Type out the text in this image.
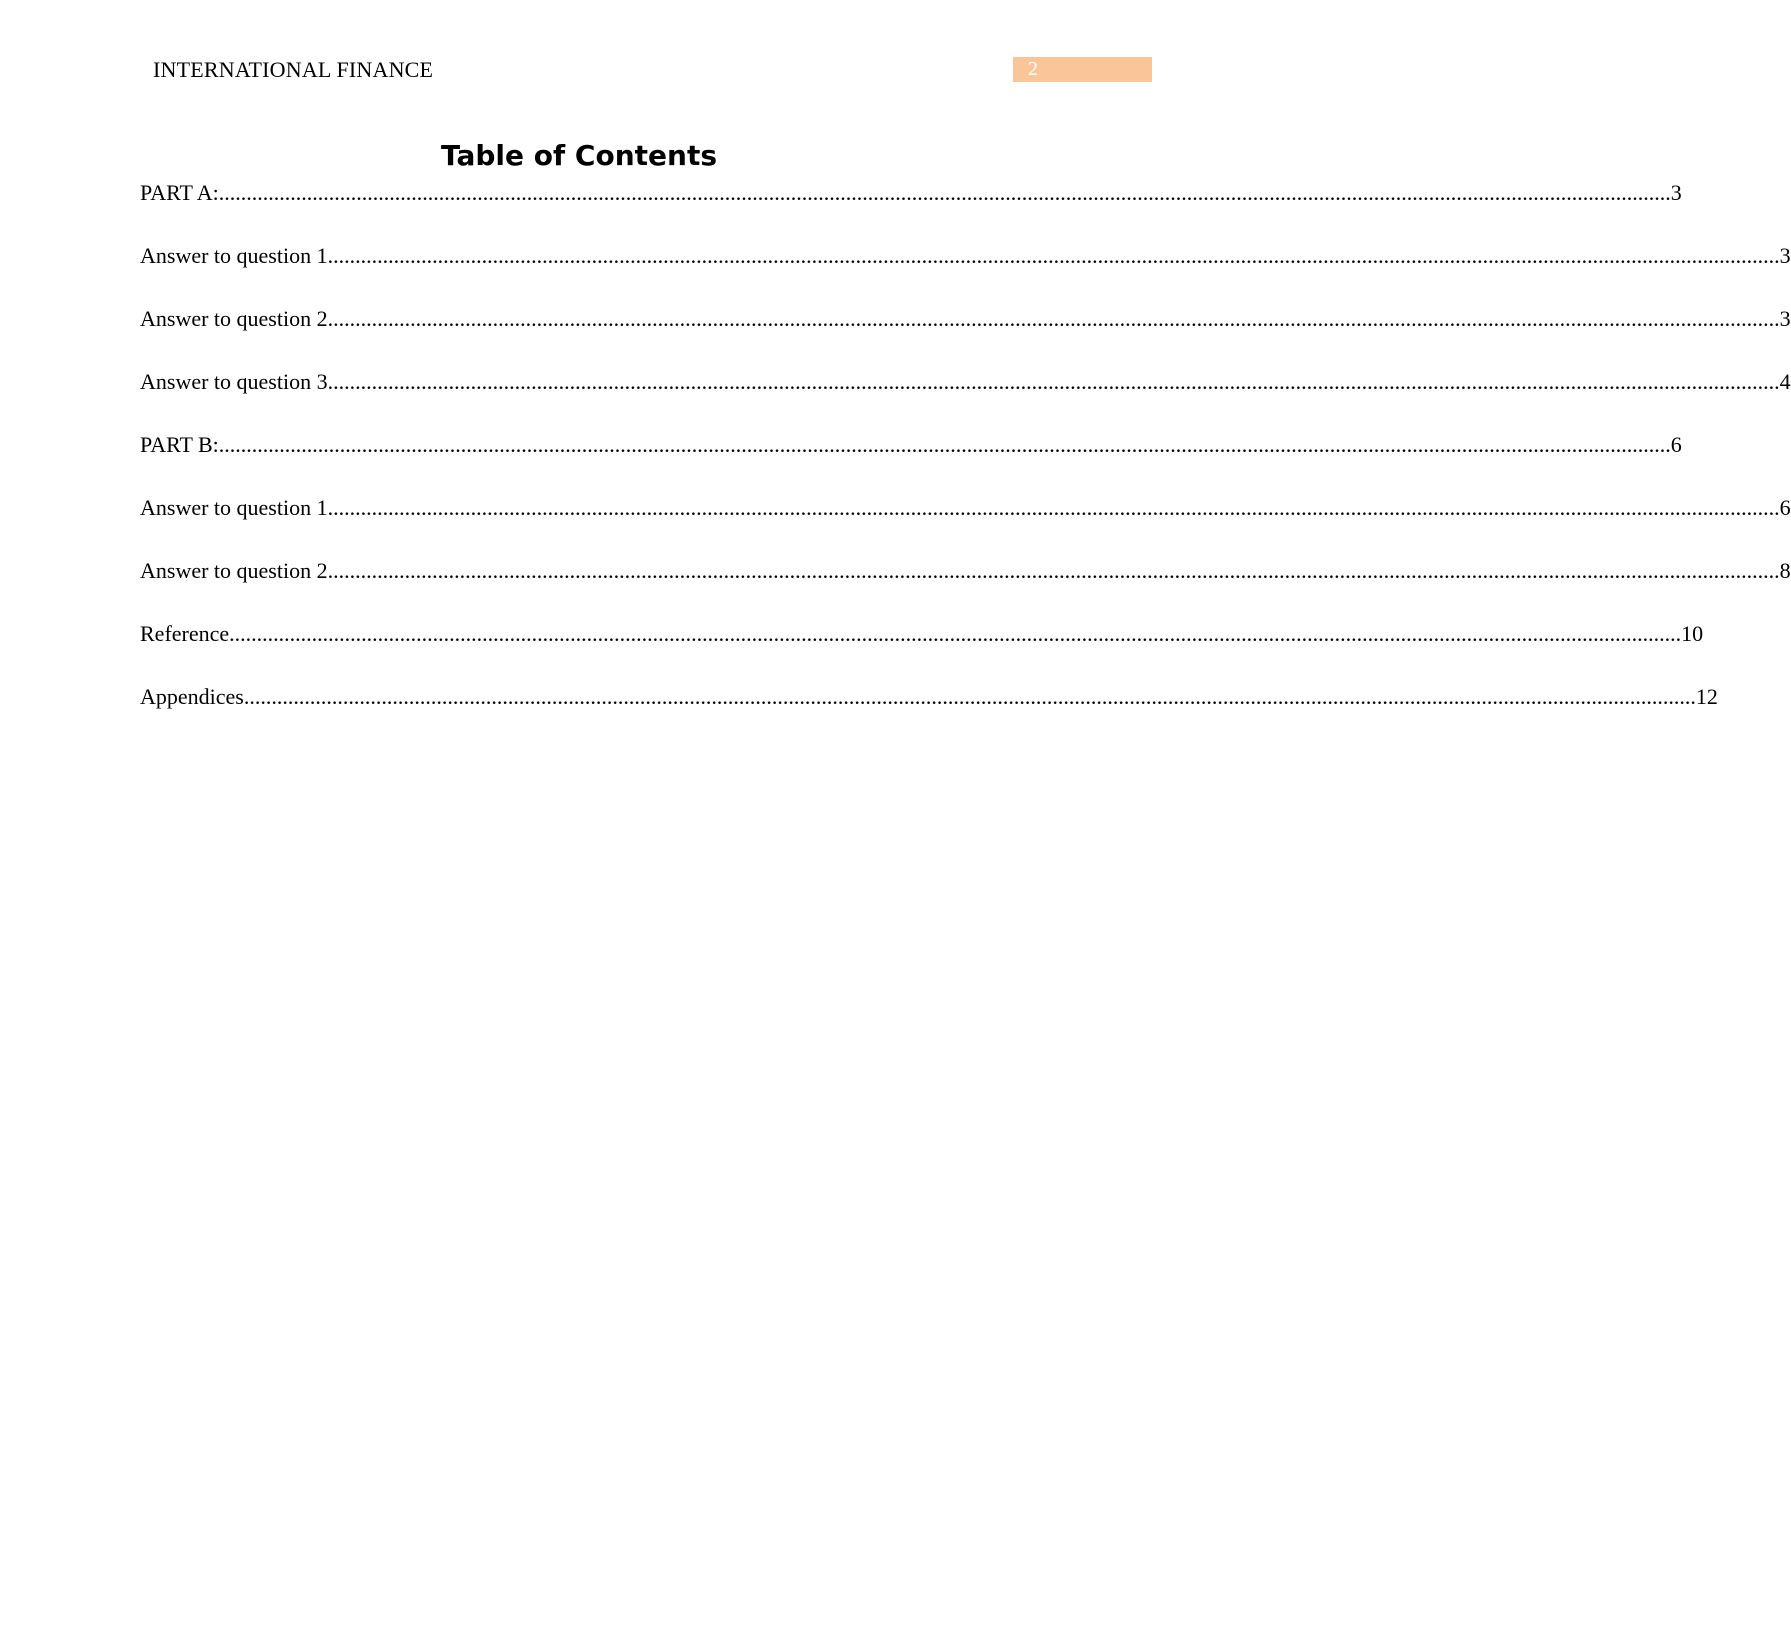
INTERNATIONAL FINANCE	2
Table of Contents
PART A: ........................................................................................................................................................................................................................................................................ 3
Answer to question 1 ........................................................................................................................................................................................................................................................................ 3
Answer to question 2 ........................................................................................................................................................................................................................................................................ 3
Answer to question 3 ........................................................................................................................................................................................................................................................................ 4
PART B: ........................................................................................................................................................................................................................................................................ 6
Answer to question 1 ........................................................................................................................................................................................................................................................................ 6
Answer to question 2 ........................................................................................................................................................................................................................................................................ 8
Reference ........................................................................................................................................................................................................................................................................ 10
Appendices ........................................................................................................................................................................................................................................................................ 12
